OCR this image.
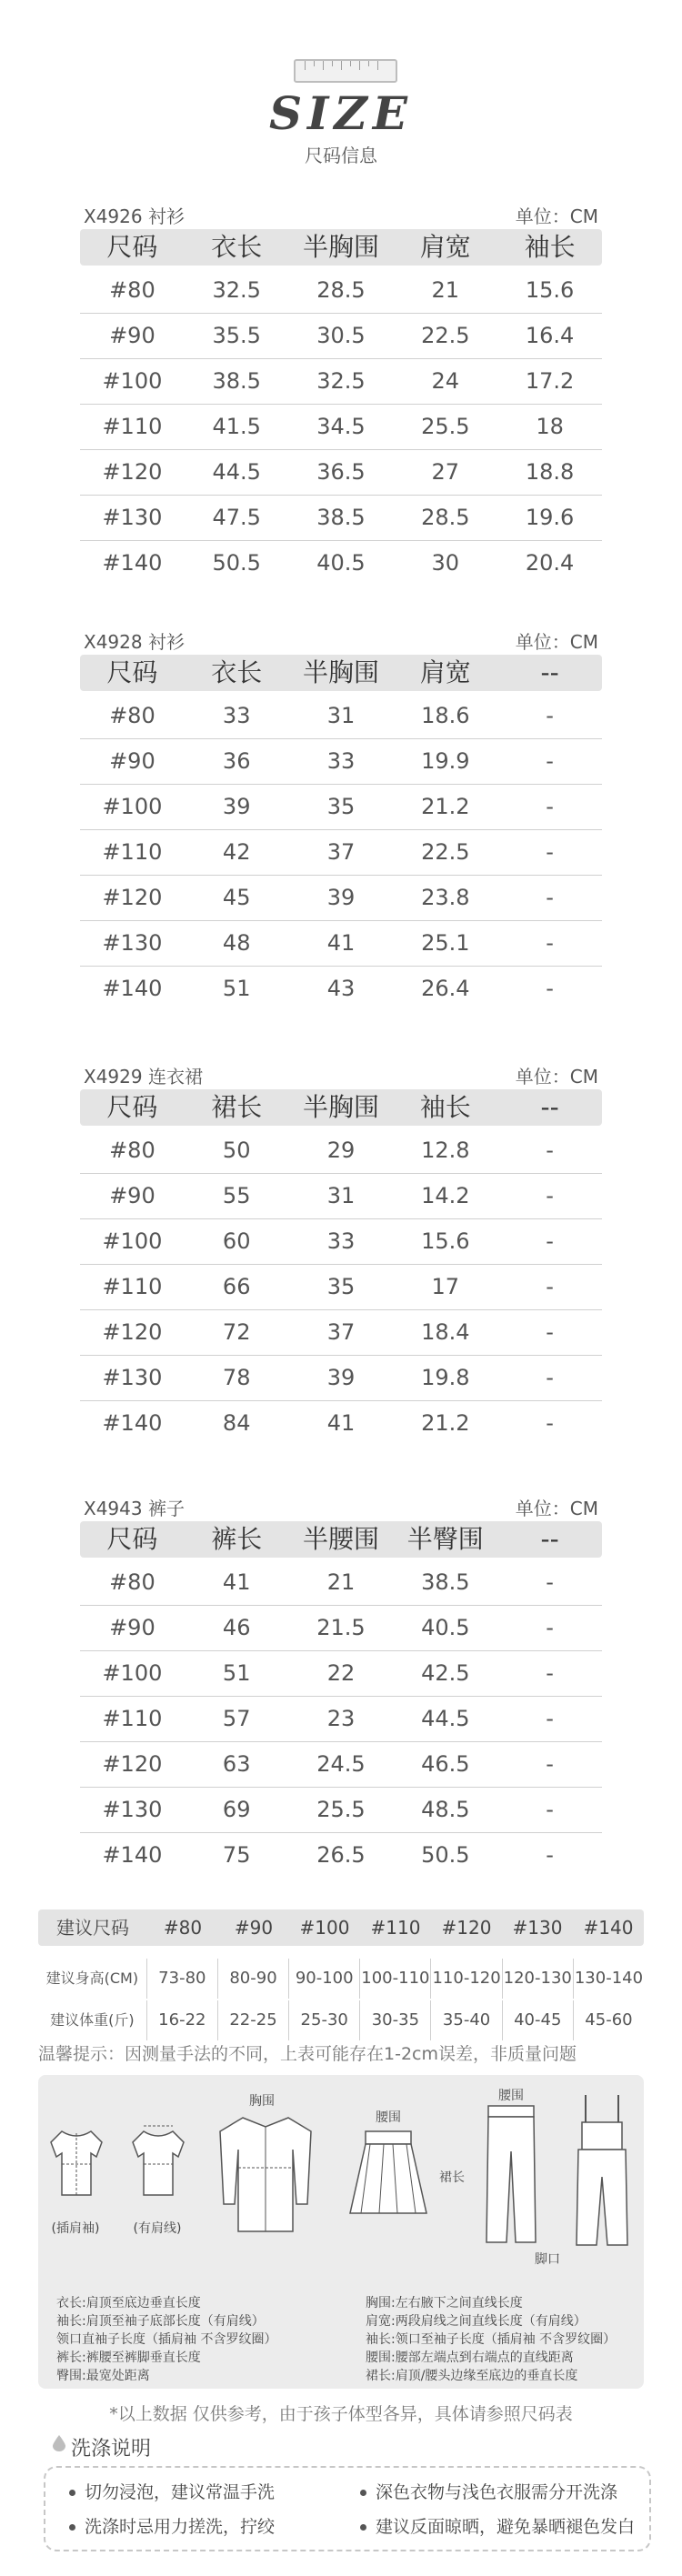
SIZE
尺码信息
X4926 衬衫	单位：CM
尺码	衣长	半胸围	肩宽	袖长
#80	32.5	28.5	21	15.6
#90	35.5	30.5	22.5	16.4
#100	38.5	32.5	24	17.2
#110	41.5	34.5	25.5	18
#120	44.5	36.5	27	18.8
#130	47.5	38.5	28.5	19.6
#140	50.5	40.5	30	20.4
X4928 衬衫	单位：CM
尺码	衣长	半胸围	肩宽	--
#80	33	31	18.6	-
#90	36	33	19.9	-
#100	39	35	21.2	-
#110	42	37	22.5	-
#120	45	39	23.8	-
#130	48	41	25.1	-
#140	51	43	26.4	-
X4929 连衣裙	单位：CM
尺码	裙长	半胸围	袖长	--
#80	50	29	12.8	-
#90	55	31	14.2	-
#100	60	33	15.6	-
#110	66	35	17	-
#120	72	37	18.4	-
#130	78	39	19.8	-
#140	84	41	21.2	-
X4943 裤子	单位：CM
尺码	裤长	半腰围	半臀围	--
#80	41	21	38.5	-
#90	46	21.5	40.5	-
#100	51	22	42.5	-
#110	57	23	44.5	-
#120	63	24.5	46.5	-
#130	69	25.5	48.5	-
#140	75	26.5	50.5	-
建议尺码	#80	#90	#100	#110	#120	#130	#140
建议身高(CM)	73-80	80-90	90-100 100-110 110-120 120-130 130-140
建议体重(斤)	16-22	22-25	25-30	30-35	35-40	40-45	45-60
温馨提示：因测量手法的不同，上表可能存在1-2cm误差，非质量问题
(插肩袖)	(有肩线)
胸围
腰围
裙长
腰围
脚口
衣长:肩顶至底边垂直长度
袖长:肩顶至袖子底部长度（有肩线）
领口直袖子长度（插肩袖 不含罗纹圈）
裤长:裤腰至裤脚垂直长度
臀围:最宽处距离
胸围:左右腋下之间直线长度
肩宽:两段肩线之间直线长度（有肩线）
袖长:领口至袖子长度（插肩袖 不含罗纹圈）
腰围:腰部左端点到右端点的直线距离
裙长:肩顶/腰头边缘至底边的垂直长度
*以上数据 仅供参考，由于孩子体型各异，具体请参照尺码表
洗涤说明
切勿浸泡，建议常温手洗	深色衣物与浅色衣服需分开洗涤
洗涤时忌用力搓洗，拧绞	建议反面晾晒，避免暴晒褪色发白
